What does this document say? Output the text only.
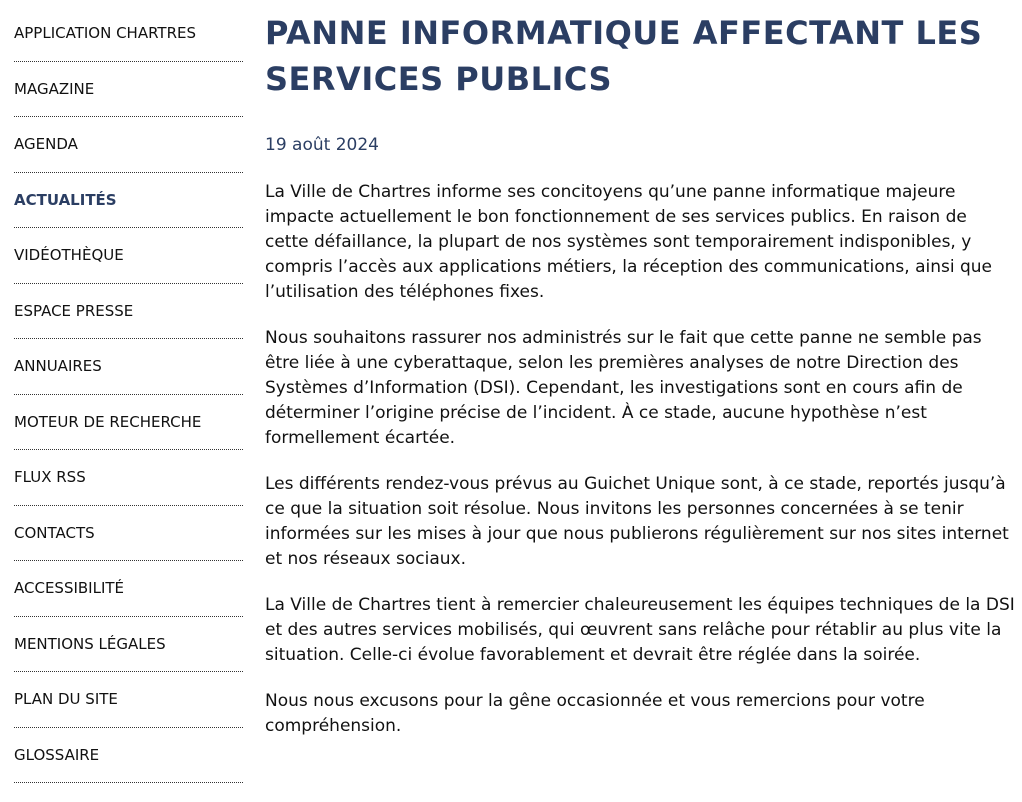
APPLICATION CHARTRES
MAGAZINE
AGENDA
ACTUALITÉS
VIDÉOTHÈQUE
ESPACE PRESSE
ANNUAIRES
MOTEUR DE RECHERCHE
FLUX RSS
CONTACTS
ACCESSIBILITÉ
MENTIONS LÉGALES
PLAN DU SITE
GLOSSAIRE
PANNE INFORMATIQUE AFFECTANT LES SERVICES PUBLICS

19 août 2024

La Ville de Chartres informe ses concitoyens qu’une panne informatique majeure impacte actuellement le bon fonctionnement de ses services publics. En raison de cette défaillance, la plupart de nos systèmes sont temporairement indisponibles, y compris l’accès aux applications métiers, la réception des communications, ainsi que l’utilisation des téléphones fixes.

Nous souhaitons rassurer nos administrés sur le fait que cette panne ne semble pas être liée à une cyberattaque, selon les premières analyses de notre Direction des Systèmes d’Information (DSI). Cependant, les investigations sont en cours afin de déterminer l’origine précise de l’incident. À ce stade, aucune hypothèse n’est formellement écartée.

Les différents rendez-vous prévus au Guichet Unique sont, à ce stade, reportés jusqu’à ce que la situation soit résolue. Nous invitons les personnes concernées à se tenir informées sur les mises à jour que nous publierons régulièrement sur nos sites internet et nos réseaux sociaux.

La Ville de Chartres tient à remercier chaleureusement les équipes techniques de la DSI et des autres services mobilisés, qui œuvrent sans relâche pour rétablir au plus vite la situation. Celle-ci évolue favorablement et devrait être réglée dans la soirée.

Nous nous excusons pour la gêne occasionnée et vous remercions pour votre compréhension.
